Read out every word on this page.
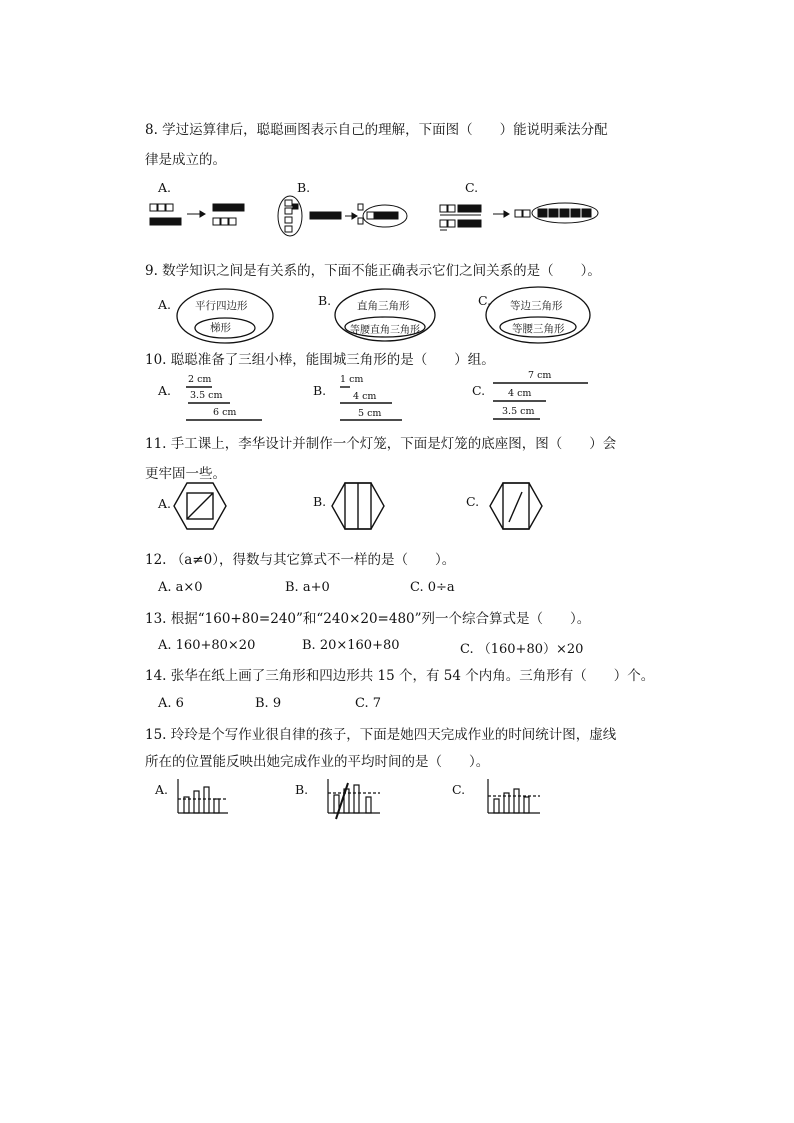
8. 学过运算律后，聪聪画图表示自己的理解，下面图（　　）能说明乘法分配
律是成立的。
A.	B.	C.
9. 数学知识之间是有关系的，下面不能正确表示它们之间关系的是（　　）。
A.	B.	C.
平行四边形
梯形
直角三角形
等腰直角三角形
等边三角形
等腰三角形
10. 聪聪准备了三组小棒，能围城三角形的是（　　）组。
A.	B.	C.
2 cm
3.5 cm
6 cm
1 cm
4 cm
5 cm
7 cm
4 cm
3.5 cm
11. 手工课上，李华设计并制作一个灯笼，下面是灯笼的底座图，图（　　）会
更牢固一些。
A.	B.	C.
12. （a≠0），得数与其它算式不一样的是（　　）。
A. a×0	B. a+0	C. 0÷a
13. 根据“160+80=240”和“240×20=480”列一个综合算式是（　　）。
A. 160+80×20	B. 20×160+80	C. （160+80）×20
14. 张华在纸上画了三角形和四边形共 15 个，有 54 个内角。三角形有（　　）个。
A. 6	B. 9	C. 7
15. 玲玲是个写作业很自律的孩子，下面是她四天完成作业的时间统计图，虚线
所在的位置能反映出她完成作业的平均时间的是（　　）。
A.	B.	C.
